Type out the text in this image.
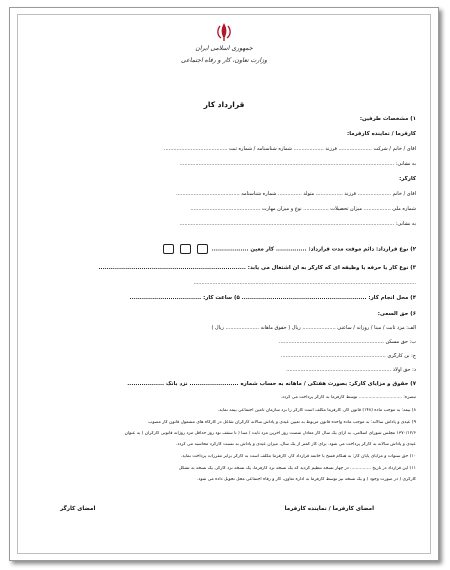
جمهوری اسلامی ایران
وزارت تعاون، کار و رفاه اجتماعی
قرارداد کار
۱) مشخصات طرفین:
کارفرما / نماینده کارفرما:
آقای / خانم / شرکت ..................... فرزند ................... شماره شناسنامه / شماره ثبت ........................................
به نشانی: .......................................................................................................................................
کارگر:
آقای / خانم ..................... فرزند ................. متولد ............... شماره شناسنامه ........................................
شماره ملی ................. میزان تحصیلات ................ نوع و میزان مهارت ............................................
به نشانی: .......................................................................................................................................
۲) نوع قرارداد: دائم موقت مدت قرارداد: ............... کار معین ..................
۳) نوع کار یا حرفه یا وظیفه ای که کارگر به آن اشتغال می یابد: ........................................................................
............................................................................................................................................
۴) محل انجام کار: ............................................................. ۵) ساعت کار: ...................................
۶) حق السعی:
الف: مزد ثابت / مبنا / روزانه / ساعتی ..................... ریال ( حقوق ماهانه ..................... ریال )
ب: حق مسکن ..................................................................
ج: بن کارگری ..................................................................
د: حق اولاد ..................................................................
۷) حقوق و مزایای کارگر: بصورت هفتگی / ماهانه به حساب شماره ........................ نزد بانک ..................
تبصره: ............................... توسط کارفرما به کارگر پرداخت می گردد.
۸) بیمه: به موجب ماده (۱۴۸) قانون کار، کارفرما مکلف است کارگر را نزد سازمان تامین اجتماعی بیمه نماید.
۹) عیدی و پاداش سالانه: به موجب ماده واحده قانون مربوط به تعیین عیدی و پاداش سالانه کارگران شاغل در کارگاه های مشمول قانون کار مصوب
۱۳۷۰/۱۲/۶ مجلس شورای اسلامی، به ازای یک سال کار معادل شصت روز آخرین مزد ثابت / مبنا ( تا سقف نود روز حداقل مزد روزانه قانونی کارگران ) به عنوان
عیدی و پاداش سالانه به کارگر پرداخت می شود. برای کار کمتر از یک سال، میزان عیدی و پاداش به نسبت کارکرد محاسبه می گردد.
۱۰) حق سنوات و مزایای پایان کار: به هنگام فسخ یا خاتمه قرارداد کار، کارفرما مکلف است به کارگر برابر مقررات پرداخت نماید.
۱۱) این قرارداد در تاریخ ............... در چهار نسخه تنظیم گردید که یک نسخه نزد کارفرما، یک نسخه نزد کارگر، یک نسخه به تشکل
کارگری ( در صورت وجود ) و یک نسخه نیز توسط کارفرما به اداره تعاون، کار و رفاه اجتماعی محل تحویل داده می شود.
امضای کارفرما / نماینده کارفرما
امضای کارگر
